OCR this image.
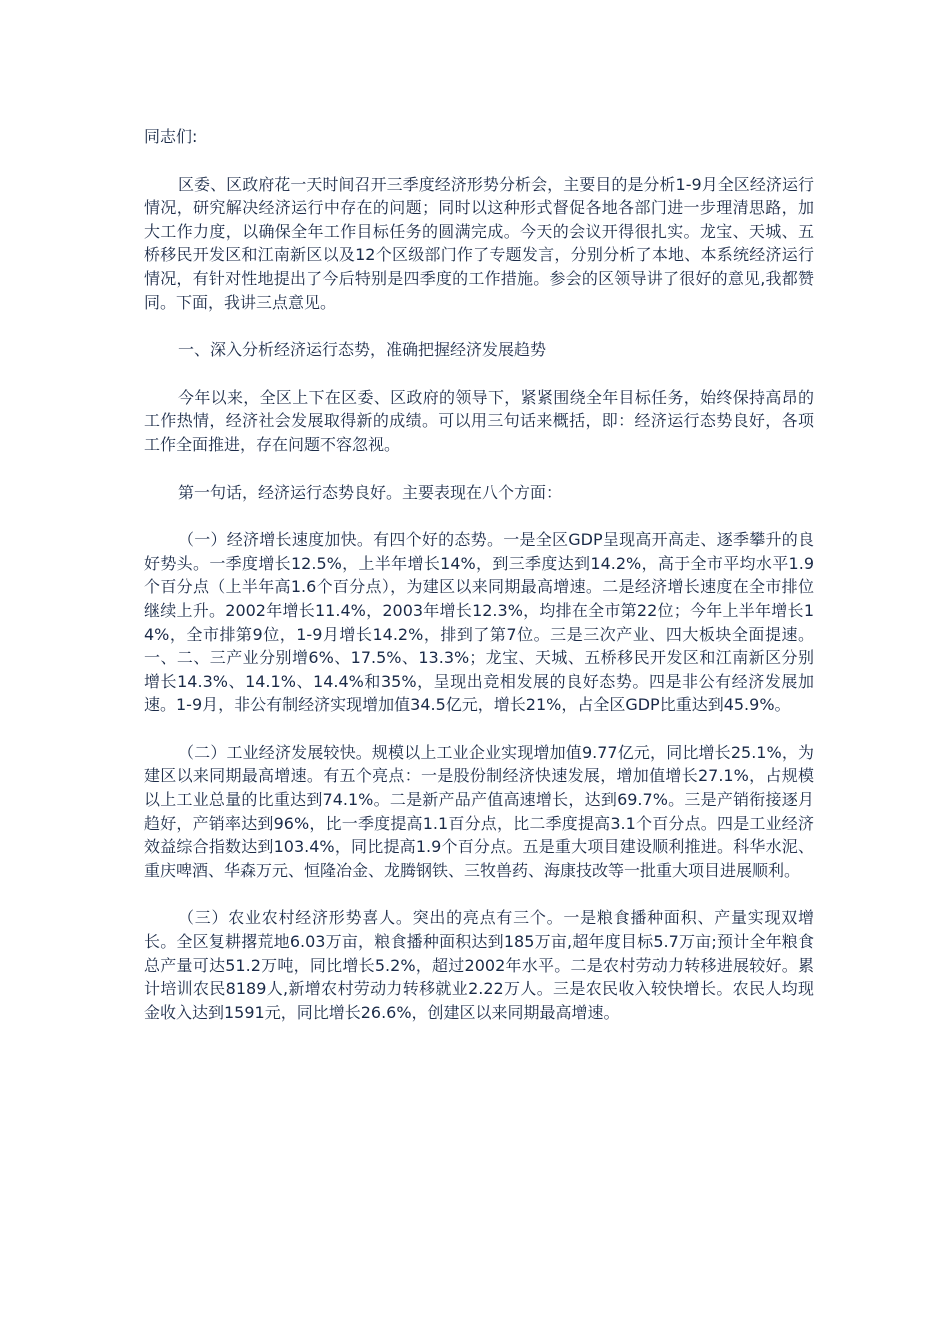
同志们:

区委、区政府花一天时间召开三季度经济形势分析会，主要目的是分析1-9月全区经济运行情况，研究解决经济运行中存在的问题；同时以这种形式督促各地各部门进一步理清思路，加大工作力度，以确保全年工作目标任务的圆满完成。今天的会议开得很扎实。龙宝、天城、五桥移民开发区和江南新区以及12个区级部门作了专题发言，分别分析了本地、本系统经济运行情况，有针对性地提出了今后特别是四季度的工作措施。参会的区领导讲了很好的意见,我都赞同。下面，我讲三点意见。

一、深入分析经济运行态势，准确把握经济发展趋势

今年以来，全区上下在区委、区政府的领导下，紧紧围绕全年目标任务，始终保持高昂的工作热情，经济社会发展取得新的成绩。可以用三句话来概括，即：经济运行态势良好，各项工作全面推进，存在问题不容忽视。

第一句话，经济运行态势良好。主要表现在八个方面：

（一）经济增长速度加快。有四个好的态势。一是全区GDP呈现高开高走、逐季攀升的良好势头。一季度增长12.5%，上半年增长14%，到三季度达到14.2%，高于全市平均水平1.9个百分点（上半年高1.6个百分点），为建区以来同期最高增速。二是经济增长速度在全市排位继续上升。2002年增长11.4%，2003年增长12.3%，均排在全市第22位；今年上半年增长14%，全市排第9位，1-9月增长14.2%，排到了第7位。三是三次产业、四大板块全面提速。一、二、三产业分别增6%、17.5%、13.3%；龙宝、天城、五桥移民开发区和江南新区分别增长14.3%、14.1%、14.4%和35%，呈现出竞相发展的良好态势。四是非公有经济发展加速。1-9月，非公有制经济实现增加值34.5亿元，增长21%，占全区GDP比重达到45.9%。

（二）工业经济发展较快。规模以上工业企业实现增加值9.77亿元，同比增长25.1%，为建区以来同期最高增速。有五个亮点：一是股份制经济快速发展，增加值增长27.1%，占规模以上工业总量的比重达到74.1%。二是新产品产值高速增长，达到69.7%。三是产销衔接逐月趋好，产销率达到96%，比一季度提高1.1百分点，比二季度提高3.1个百分点。四是工业经济效益综合指数达到103.4%，同比提高1.9个百分点。五是重大项目建设顺利推进。科华水泥、重庆啤酒、华森万元、恒隆冶金、龙腾钢铁、三牧兽药、海康技改等一批重大项目进展顺利。

（三）农业农村经济形势喜人。突出的亮点有三个。一是粮食播种面积、产量实现双增长。全区复耕撂荒地6.03万亩，粮食播种面积达到185万亩,超年度目标5.7万亩;预计全年粮食总产量可达51.2万吨，同比增长5.2%，超过2002年水平。二是农村劳动力转移进展较好。累计培训农民8189人,新增农村劳动力转移就业2.22万人。三是农民收入较快增长。农民人均现金收入达到1591元，同比增长26.6%，创建区以来同期最高增速。
